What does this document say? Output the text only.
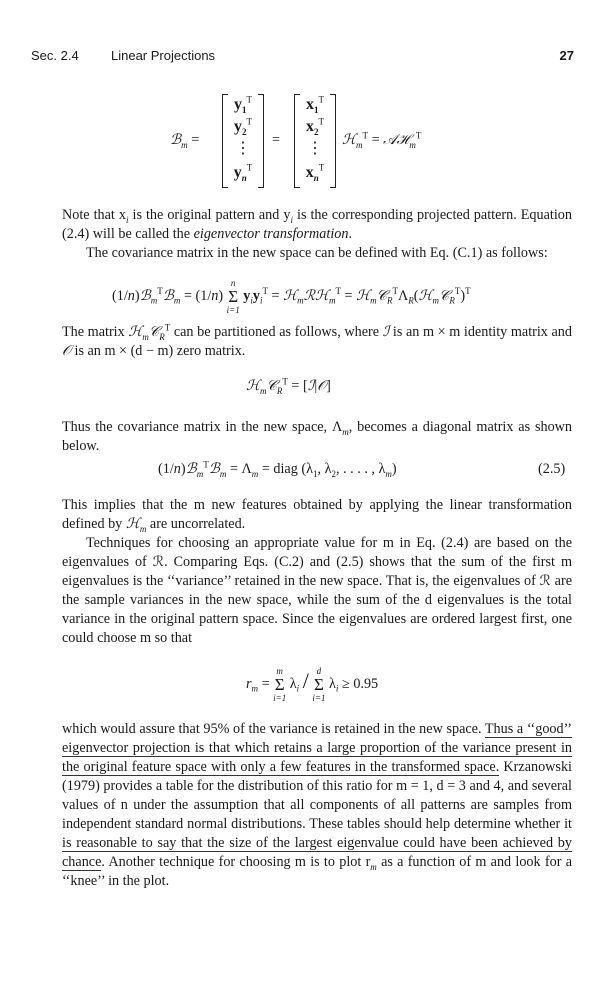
Sec. 2.4 Linear Projections	27
ℬ$_m$ =
$y_1^T$
$y_2^T$
⋮
$y_n^T$
=
$x_1^T$
$x_2^T$
⋮
$x_n^T$
ℋ$_m^T$ = 𝒜ℋ$_m^T$
Note that $x_i$ is the original pattern and $y_i$ is the corresponding projected pattern. Equation (2.4) will be called the eigenvector transformation.
The covariance matrix in the new space can be defined with Eq. (C.1) as follows:
(1/n)ℬ$_m^T$ℬ$_m$ = (1/n)
n
Σ
i=1
$y_iy_i^T$ = ℋ$_m$ℛℋ$_m^T$ = $ℋ_m𝒞_R^T\Lambda_R(ℋ_m𝒞_R^T)^T$
The matrix ℋ$_m$𝒞$_R^T$ can be partitioned as follows, where ℐ is an m × m identity matrix and 𝒪 is an m × (d − m) zero matrix.
ℋ$_m$𝒞$_R^T$ = [ℐ|𝒪]
Thus the covariance matrix in the new space, $\Lambda_m$, becomes a diagonal matrix as shown below.
(1/n)ℬ$_m^T$ℬ$_m$ = $\Lambda_m$ = diag ($\lambda_1$, $\lambda_2$, . . . . , $\lambda_m$)	(2.5)
This implies that the m new features obtained by applying the linear transformation defined by ℋ$_m$ are uncorrelated.
Techniques for choosing an appropriate value for m in Eq. (2.4) are based on the eigenvalues of ℛ. Comparing Eqs. (C.2) and (2.5) shows that the sum of the first m eigenvalues is the ‘‘variance’’ retained in the new space. That is, the eigenvalues of ℛ are the sample variances in the new space, while the sum of the d eigenvalues is the total variance in the original pattern space. Since the eigenvalues are ordered largest first, one could choose m so that
$r_m$ =
m
Σ
i=1
$\lambda_i$ / d
Σ
i=1
$\lambda_i \ge 0.95$
which would assure that 95% of the variance is retained in the new space. Thus a ‘‘good’’ eigenvector projection is that which retains a large proportion of the variance present in the original feature space with only a few features in the transformed space. Krzanowski (1979) provides a table for the distribution of this ratio for m = 1, d = 3 and 4, and several values of n under the assumption that all components of all patterns are samples from independent standard normal distributions. These tables should help determine whether it is reasonable to say that the size of the largest eigenvalue could have been achieved by chance. Another technique for choosing m is to plot $r_m$ as a function of m and look for a ‘‘knee’’ in the plot.
